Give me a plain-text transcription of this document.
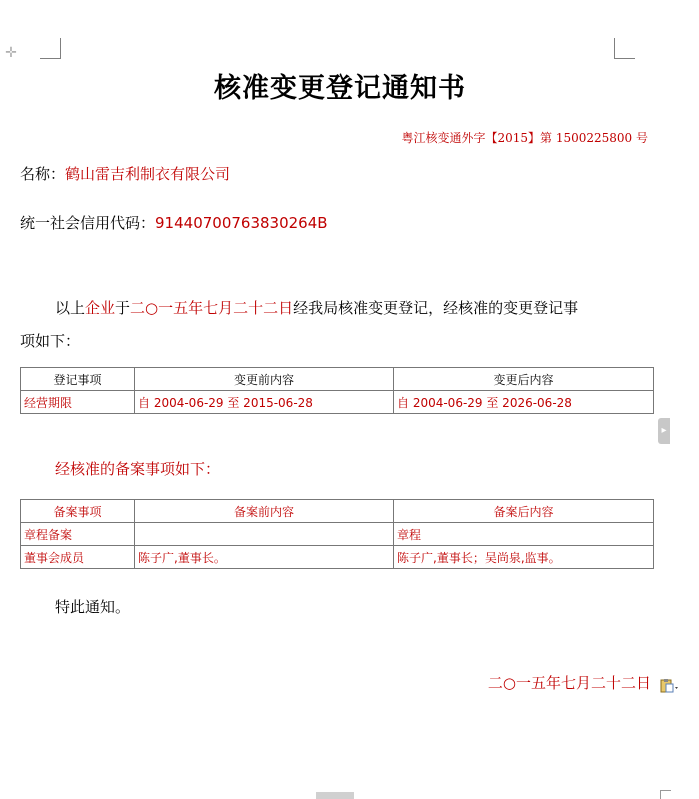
✛
核准变更登记通知书
粤江核变通外字【2015】第 1500225800 号
名称：鹤山雷吉利制衣有限公司
统一社会信用代码：91440700763830264B
以上企业于二○一五年七月二十二日经我局核准变更登记，经核准的变更登记事
项如下：
登记事项	变更前内容	变更后内容
经营期限	自 2004-06-29 至 2015-06-28	自 2004-06-29 至 2026-06-28
▸
经核准的备案事项如下：
备案事项	备案前内容	备案后内容
章程备案		章程
董事会成员	陈子广,董事长。	陈子广,董事长；吴尚泉,监事。
特此通知。
二○一五年七月二十二日
